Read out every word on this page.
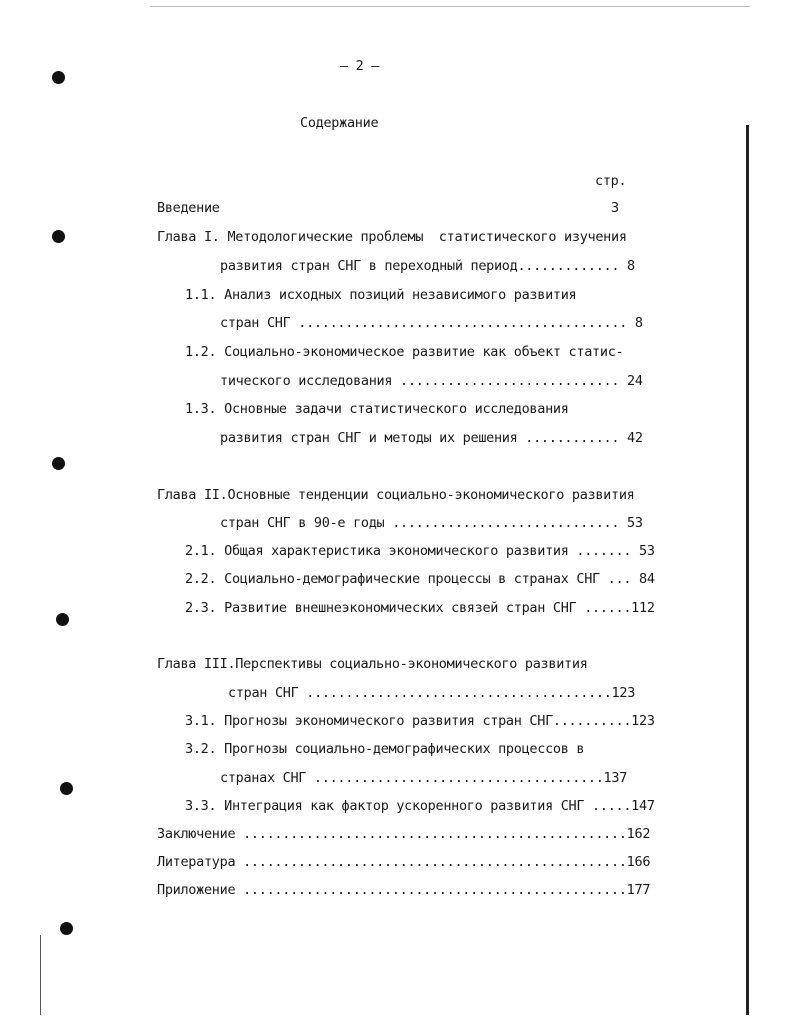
– 2 –
Содержание
стр.
Введение	3
Глава I. Методологические проблемы  статистического изучения
развития стран СНГ в переходный период............. 8
1.1. Анализ исходных позиций независимого развития
стран СНГ .......................................... 8
1.2. Социально-экономическое развитие как объект статис-
тического исследования ............................ 24
1.3. Основные задачи статистического исследования
развития стран СНГ и методы их решения ............ 42
Глава II.Основные тенденции социально-экономического развития
стран СНГ в 90-е годы ............................. 53
2.1. Общая характеристика экономического развития ....... 53
2.2. Социально-демографические процессы в странах СНГ ... 84
2.3. Развитие внешнеэкономических связей стран СНГ ......112
Глава III.Перспективы социально-экономического развития
стран СНГ .......................................123
3.1. Прогнозы экономического развития стран СНГ..........123
3.2. Прогнозы социально-демографических процессов в
странах СНГ .....................................137
3.3. Интеграция как фактор ускоренного развития СНГ .....147
Заключение .................................................162
Литература .................................................166
Приложение .................................................177
